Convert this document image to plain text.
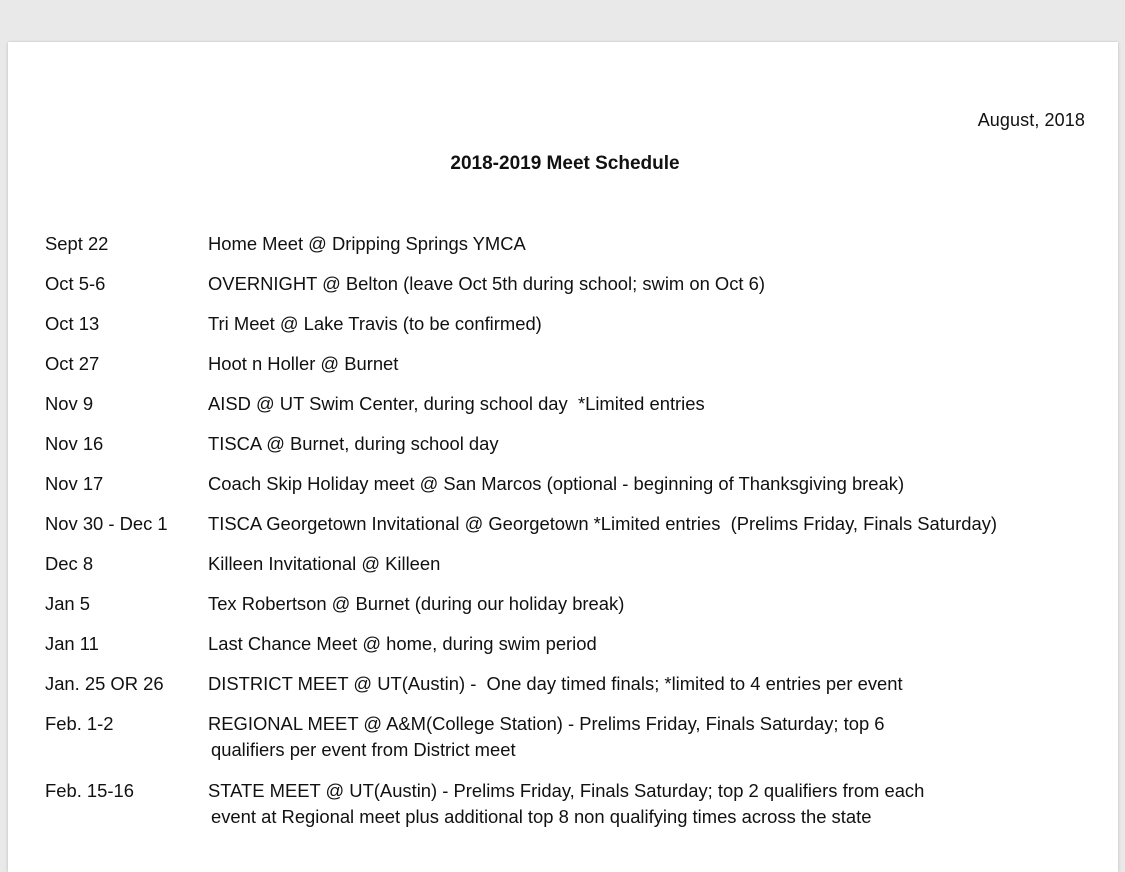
August, 2018
2018-2019 Meet Schedule
Sept 22	Home Meet @ Dripping Springs YMCA
Oct 5-6	OVERNIGHT @ Belton (leave Oct 5th during school; swim on Oct 6)
Oct 13	Tri Meet @ Lake Travis (to be confirmed)
Oct 27	Hoot n Holler @ Burnet
Nov 9	AISD @ UT Swim Center, during school day  *Limited entries
Nov 16	TISCA @ Burnet, during school day
Nov 17	Coach Skip Holiday meet @ San Marcos (optional - beginning of Thanksgiving break)
Nov 30 - Dec 1	TISCA Georgetown Invitational @ Georgetown *Limited entries  (Prelims Friday, Finals Saturday)
Dec 8	Killeen Invitational @ Killeen
Jan 5	Tex Robertson @ Burnet (during our holiday break)
Jan 11	Last Chance Meet @ home, during swim period
Jan. 25 OR 26	DISTRICT MEET @ UT(Austin) -  One day timed finals; *limited to 4 entries per event
Feb. 1-2	REGIONAL MEET @ A&M(College Station) - Prelims Friday, Finals Saturday; top 6
qualifiers per event from District meet
Feb. 15-16	STATE MEET @ UT(Austin) - Prelims Friday, Finals Saturday; top 2 qualifiers from each
event at Regional meet plus additional top 8 non qualifying times across the state
